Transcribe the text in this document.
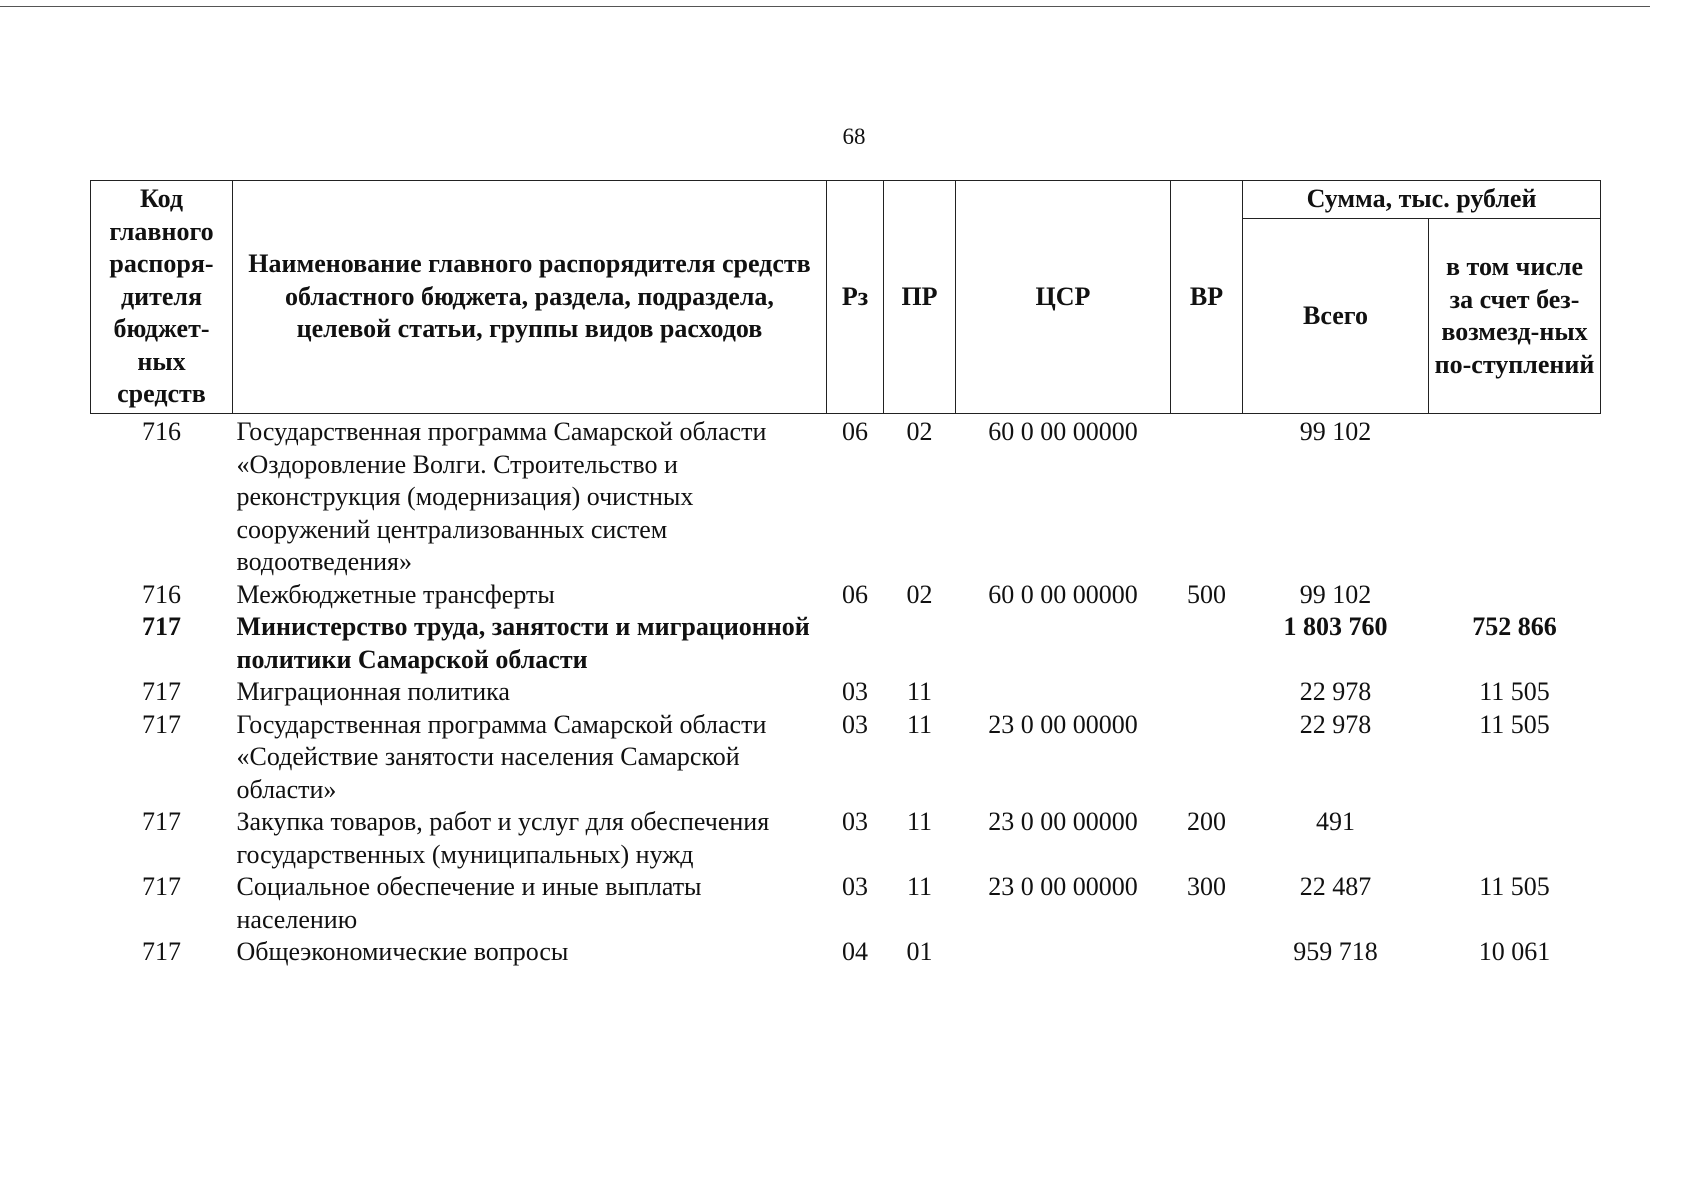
68
Код главного распоря-дителя бюджет-ных средств	Наименование главного распорядителя средств областного бюджета, раздела, подраздела, целевой статьи, группы видов расходов	Рз	ПР	ЦСР	ВР	Сумма, тыс. рублей	
						Всего	в том числе за счет без-возмезд-ных по-ступлений
716	Государственная программа Самарской области «Оздоровление Волги. Строительство и реконструкция (модернизация) очистных сооружений централизованных систем водоотведения»	06	02	60 0 00 00000		99 102	
716	Межбюджетные трансферты	06	02	60 0 00 00000	500	99 102	
717	Министерство труда, занятости и миграционной политики Самарской области					1 803 760	752 866
717	Миграционная политика	03	11			22 978	11 505
717	Государственная программа Самарской области «Содействие занятости населения Самарской области»	03	11	23 0 00 00000		22 978	11 505
717	Закупка товаров, работ и услуг для обеспечения государственных (муниципальных) нужд	03	11	23 0 00 00000	200	491	
717	Социальное обеспечение и иные выплаты населению	03	11	23 0 00 00000	300	22 487	11 505
717	Общеэкономические вопросы	04	01			959 718	10 061
